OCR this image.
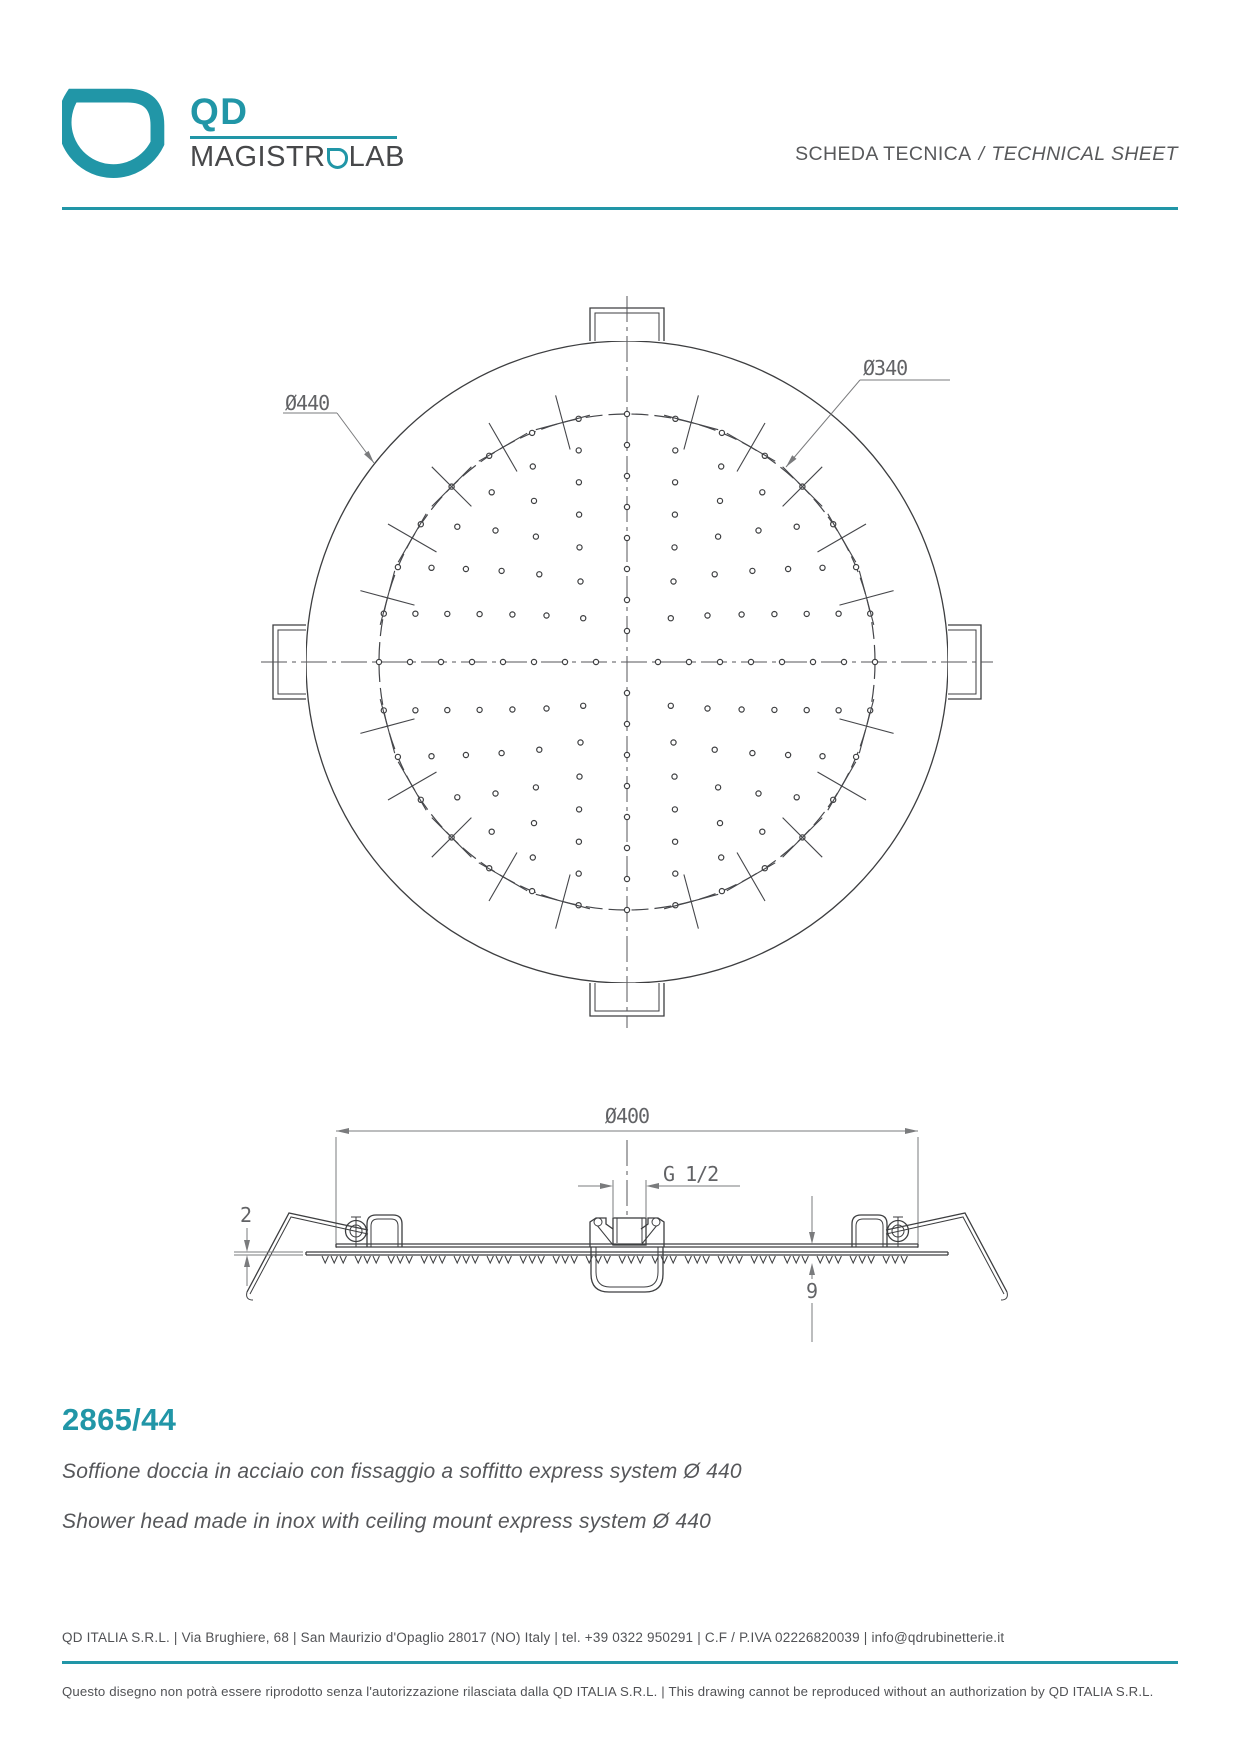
QD
MAGISTR LAB	SCHEDA TECNICA / TECHNICAL SHEET
Ø440
Ø340
Ø400
G 1/2
2
9
2865/44
Soffione doccia in acciaio con fissaggio a soffitto express system Ø 440
Shower head made in inox with ceiling mount express system Ø 440
QD ITALIA S.R.L. | Via Brughiere, 68 | San Maurizio d'Opaglio 28017 (NO) Italy | tel. +39 0322 950291 | C.F / P.IVA 02226820039 | info@qdrubinetterie.it
Questo disegno non potrà essere riprodotto senza l'autorizzazione rilasciata dalla QD ITALIA S.R.L. | This drawing cannot be reproduced without an authorization by QD ITALIA S.R.L.
